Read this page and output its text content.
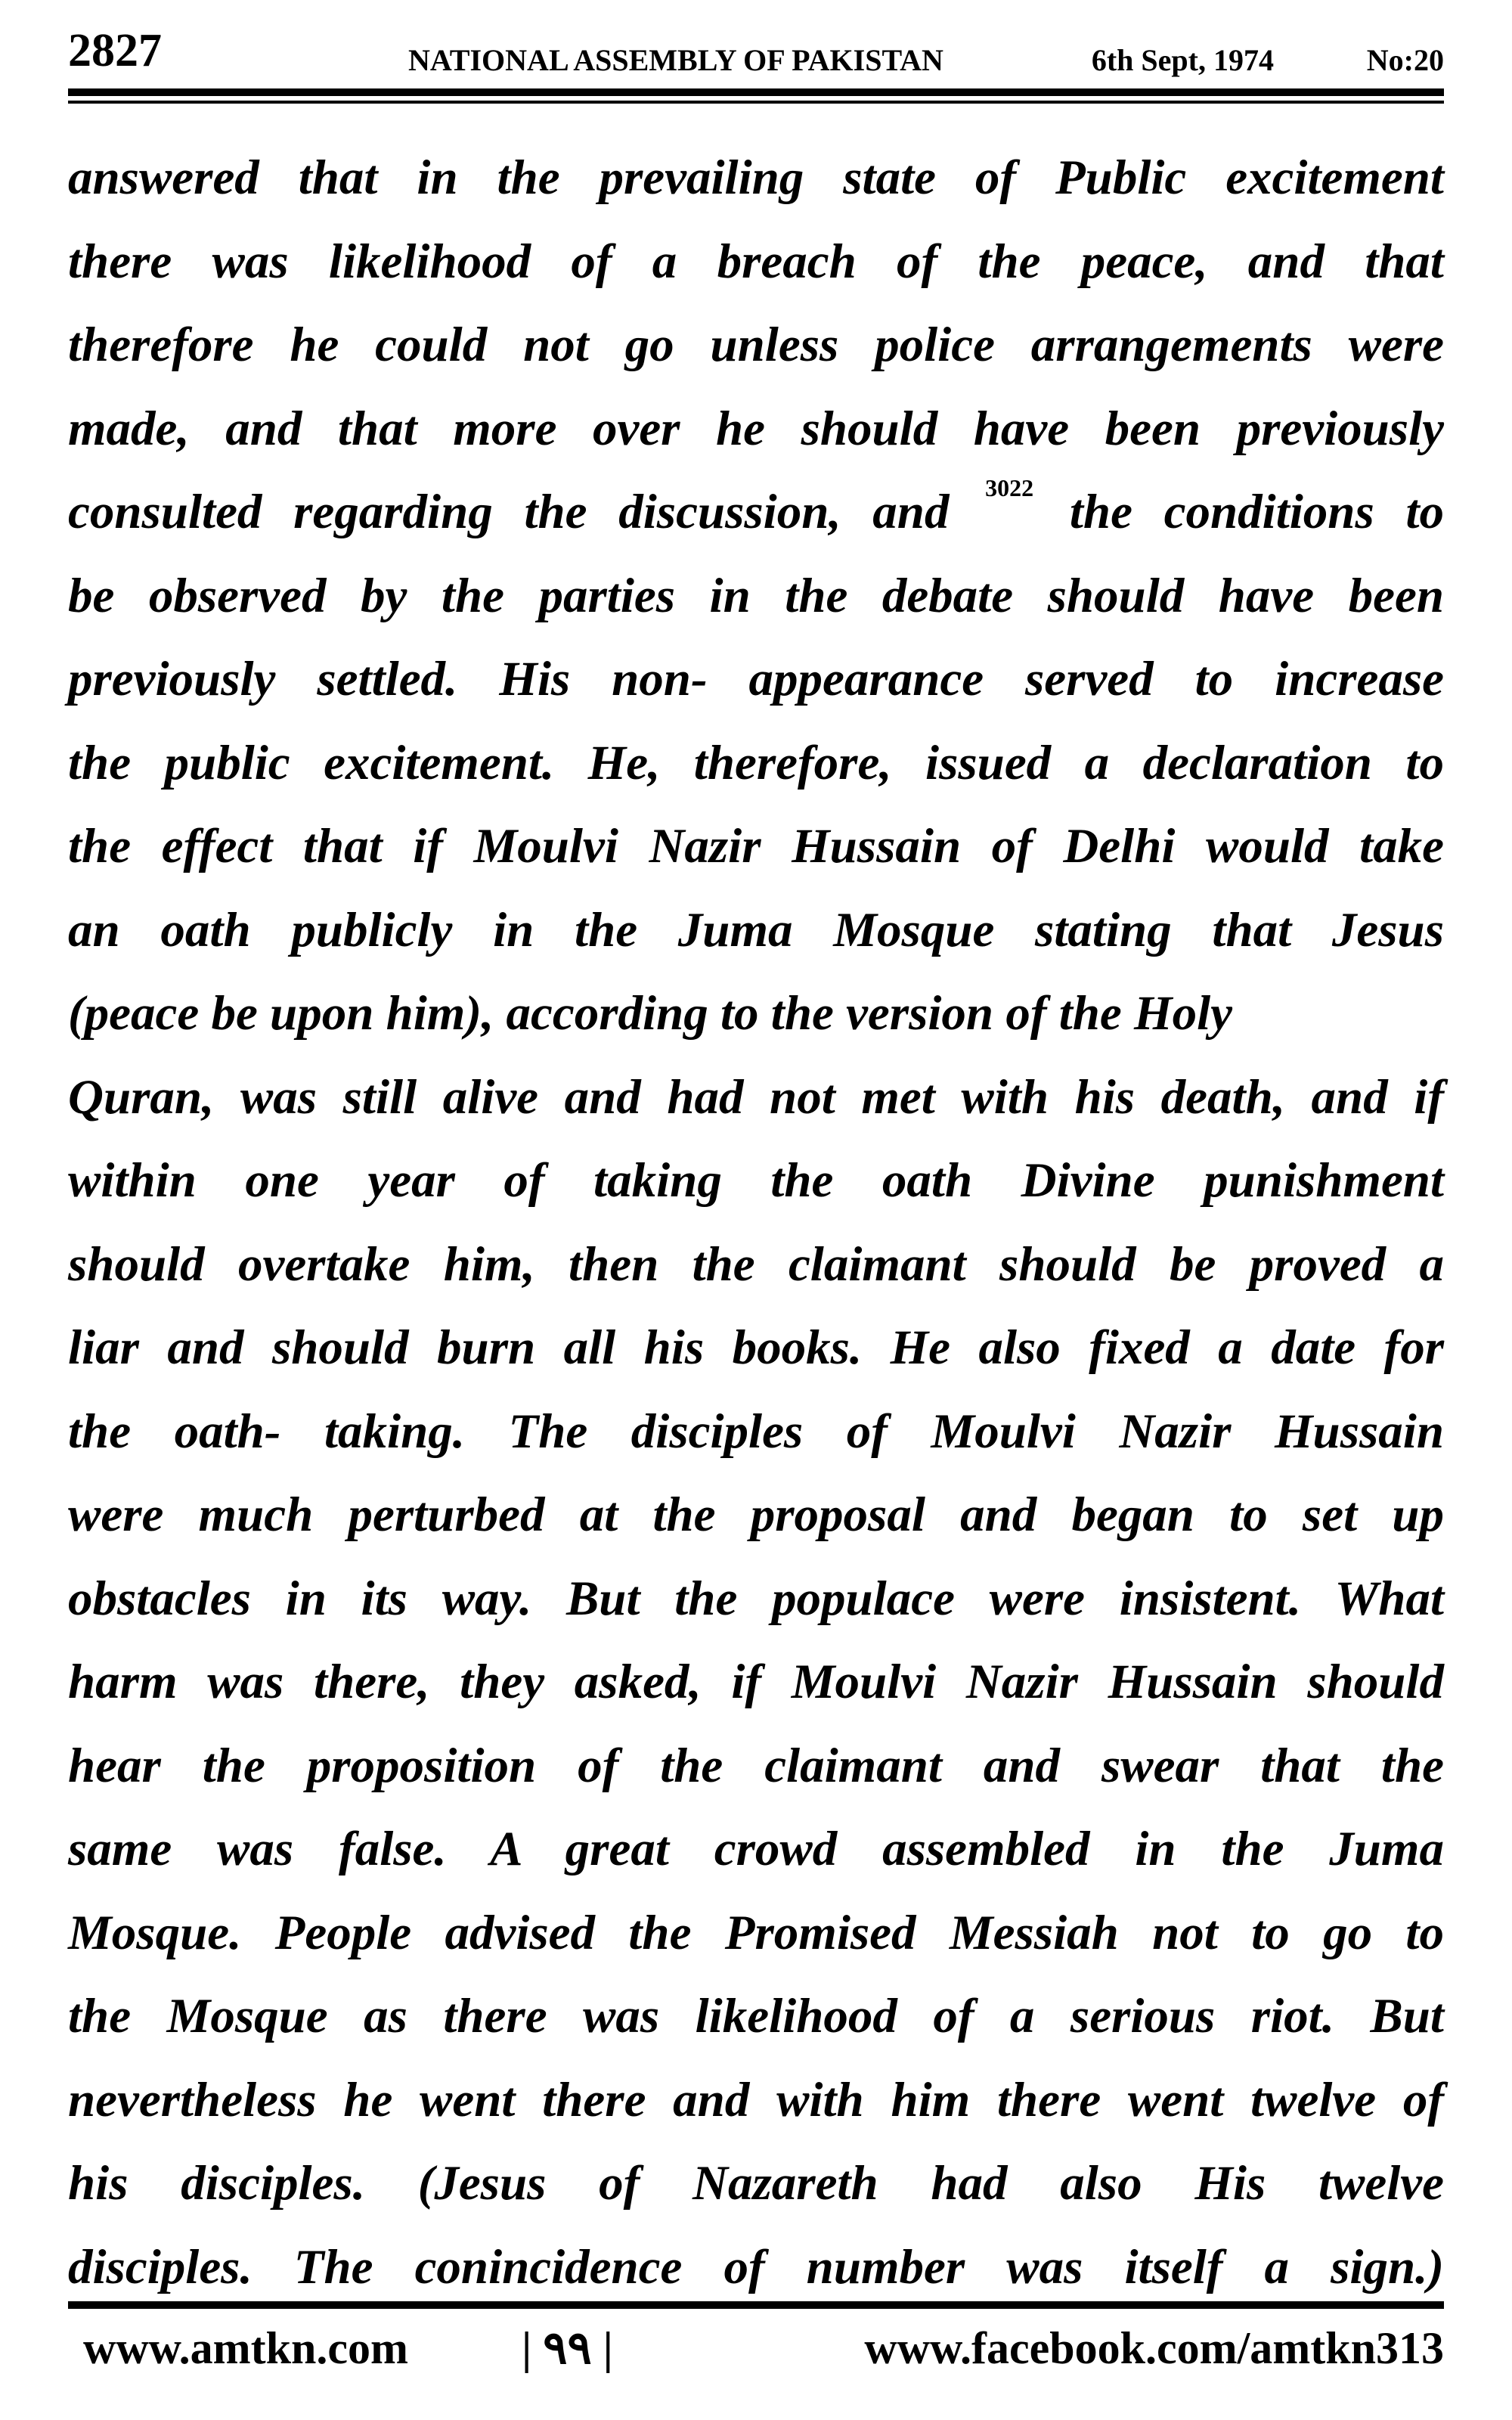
2827	NATIONAL ASSEMBLY OF PAKISTAN	6th Sept, 1974	No:20
answered that in the prevailing state of Public excitement
there was likelihood of a breach of the peace, and that
therefore he could not go unless police arrangements were
made, and that more over he should have been previously
consulted regarding the discussion, and $^{3022}$ the conditions to
be observed by the parties in the debate should have been
previously settled. His non- appearance served to increase
the public excitement. He, therefore, issued a declaration to
the effect that if Moulvi Nazir Hussain of Delhi would take
an oath publicly in the Juma Mosque stating that Jesus
(peace be upon him), according to the version of the Holy
Quran, was still alive and had not met with his death, and if
within one year of taking the oath Divine punishment
should overtake him, then the claimant should be proved a
liar and should burn all his books. He also fixed a date for
the oath- taking. The disciples of Moulvi Nazir Hussain
were much perturbed at the proposal and began to set up
obstacles in its way. But the populace were insistent. What
harm was there, they asked, if Moulvi Nazir Hussain should
hear the proposition of the claimant and swear that the
same was false. A great crowd assembled in the Juma
Mosque. People advised the Promised Messiah not to go to
the Mosque as there was likelihood of a serious riot. But
nevertheless he went there and with him there went twelve of
his disciples. (Jesus of Nazareth had also His twelve
disciples. The conincidence of number was itself a sign.)
www.amtkn.com	| ۹۹ |	www.facebook.com/amtkn313
